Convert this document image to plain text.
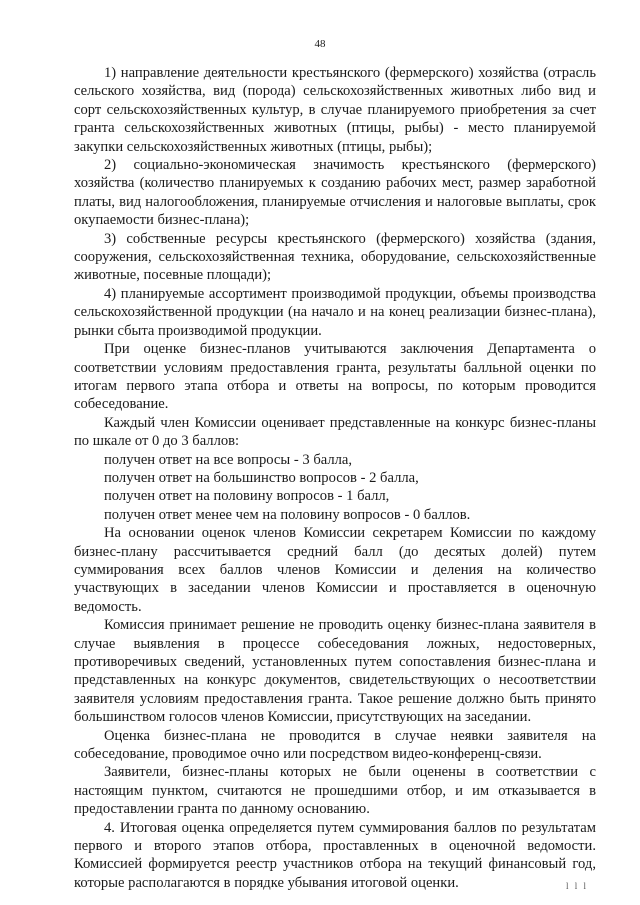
48

1) направление деятельности крестьянского (фермерского) хозяйства (отрасль сельского хозяйства, вид (порода) сельскохозяйственных животных либо вид и сорт сельскохозяйственных культур, в случае планируемого приобретения за счет гранта сельскохозяйственных животных (птицы, рыбы) - место планируемой закупки сельскохозяйственных животных (птицы, рыбы);

2) социально-экономическая значимость крестьянского (фермерского) хозяйства (количество планируемых к созданию рабочих мест, размер заработной платы, вид налогообложения, планируемые отчисления и налоговые выплаты, срок окупаемости бизнес-плана);

3) собственные ресурсы крестьянского (фермерского) хозяйства (здания, сооружения, сельскохозяйственная техника, оборудование, сельскохозяйственные животные, посевные площади);

4) планируемые ассортимент производимой продукции, объемы производства сельскохозяйственной продукции (на начало и на конец реализации бизнес-плана), рынки сбыта производимой продукции.

При оценке бизнес-планов учитываются заключения Департамента о соответствии условиям предоставления гранта, результаты балльной оценки по итогам первого этапа отбора и ответы на вопросы, по которым проводится собеседование.

Каждый член Комиссии оценивает представленные на конкурс бизнес-планы по шкале от 0 до 3 баллов:

получен ответ на все вопросы - 3 балла,

получен ответ на большинство вопросов - 2 балла,

получен ответ на половину вопросов - 1 балл,

получен ответ менее чем на половину вопросов - 0 баллов.

На основании оценок членов Комиссии секретарем Комиссии по каждому бизнес-плану рассчитывается средний балл (до десятых долей) путем суммирования всех баллов членов Комиссии и деления на количество участвующих в заседании членов Комиссии и проставляется в оценочную ведомость.

Комиссия принимает решение не проводить оценку бизнес-плана заявителя в случае выявления в процессе собеседования ложных, недостоверных, противоречивых сведений, установленных путем сопоставления бизнес-плана и представленных на конкурс документов, свидетельствующих о несоответствии заявителя условиям предоставления гранта. Такое решение должно быть принято большинством голосов членов Комиссии, присутствующих на заседании.

Оценка бизнес-плана не проводится в случае неявки заявителя на собеседование, проводимое очно или посредством видео-конференц-связи.

Заявители, бизнес-планы которых не были оценены в соответствии с настоящим пунктом, считаются не прошедшими отбор, и им отказывается в предоставлении гранта по данному основанию.

4. Итоговая оценка определяется путем суммирования баллов по результатам первого и второго этапов отбора, проставленных в оценочной ведомости. Комиссией формируется реестр участников отбора на текущий финансовый год, которые располагаются в порядке убывания итоговой оценки.	l l l
